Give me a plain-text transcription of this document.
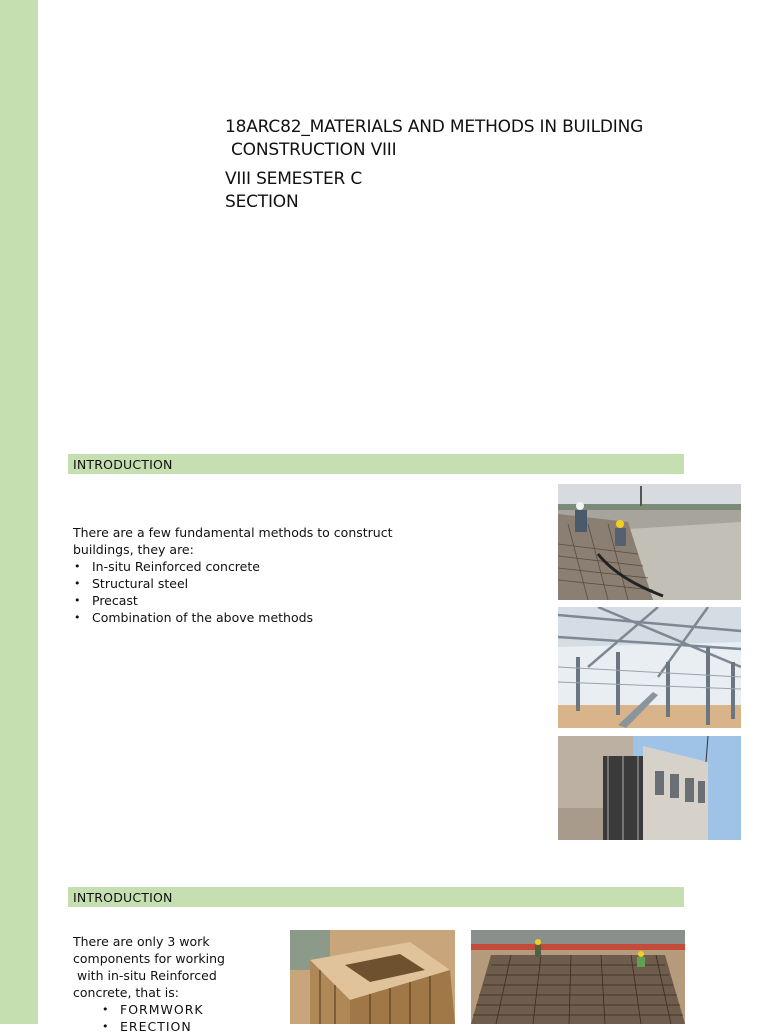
18ARC82_MATERIALS AND METHODS IN BUILDING
CONSTRUCTION VIII
VIII SEMESTER C
SECTION
INTRODUCTION
There are a few fundamental methods to construct
buildings, they are:
• In-situ Reinforced concrete
• Structural steel
• Precast
• Combination of the above methods
INTRODUCTION
There are only 3 work
components for working
with in-situ Reinforced
concrete, that is:
• FORMWORK
• ERECTION
